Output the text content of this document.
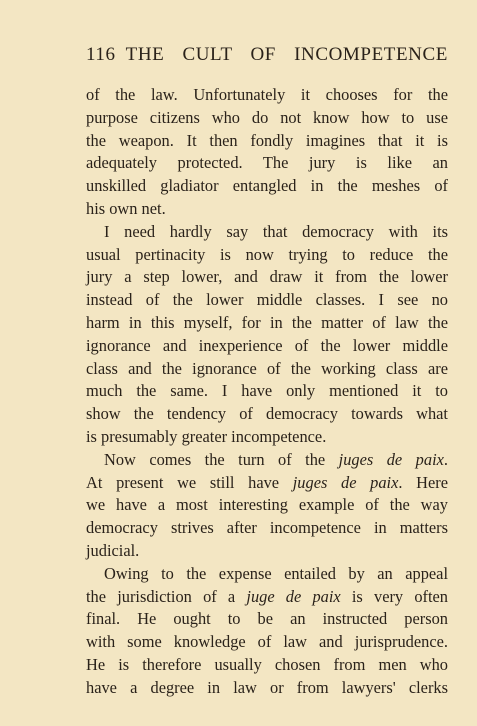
116 THE CULT OF INCOMPETENCE
of the law. Unfortunately it chooses for the
purpose citizens who do not know how to use
the weapon. It then fondly imagines that it is
adequately protected. The jury is like an
unskilled gladiator entangled in the meshes of
his own net.
I need hardly say that democracy with its
usual pertinacity is now trying to reduce the
jury a step lower, and draw it from the lower
instead of the lower middle classes. I see no
harm in this myself, for in the matter of law the
ignorance and inexperience of the lower middle
class and the ignorance of the working class are
much the same. I have only mentioned it to
show the tendency of democracy towards what
is presumably greater incompetence.
Now comes the turn of the juges de paix.
At present we still have juges de paix. Here
we have a most interesting example of the way
democracy strives after incompetence in matters
judicial.
Owing to the expense entailed by an appeal
the jurisdiction of a juge de paix is very often
final. He ought to be an instructed person
with some knowledge of law and jurisprudence.
He is therefore usually chosen from men who
have a degree in law or from lawyers' clerks
